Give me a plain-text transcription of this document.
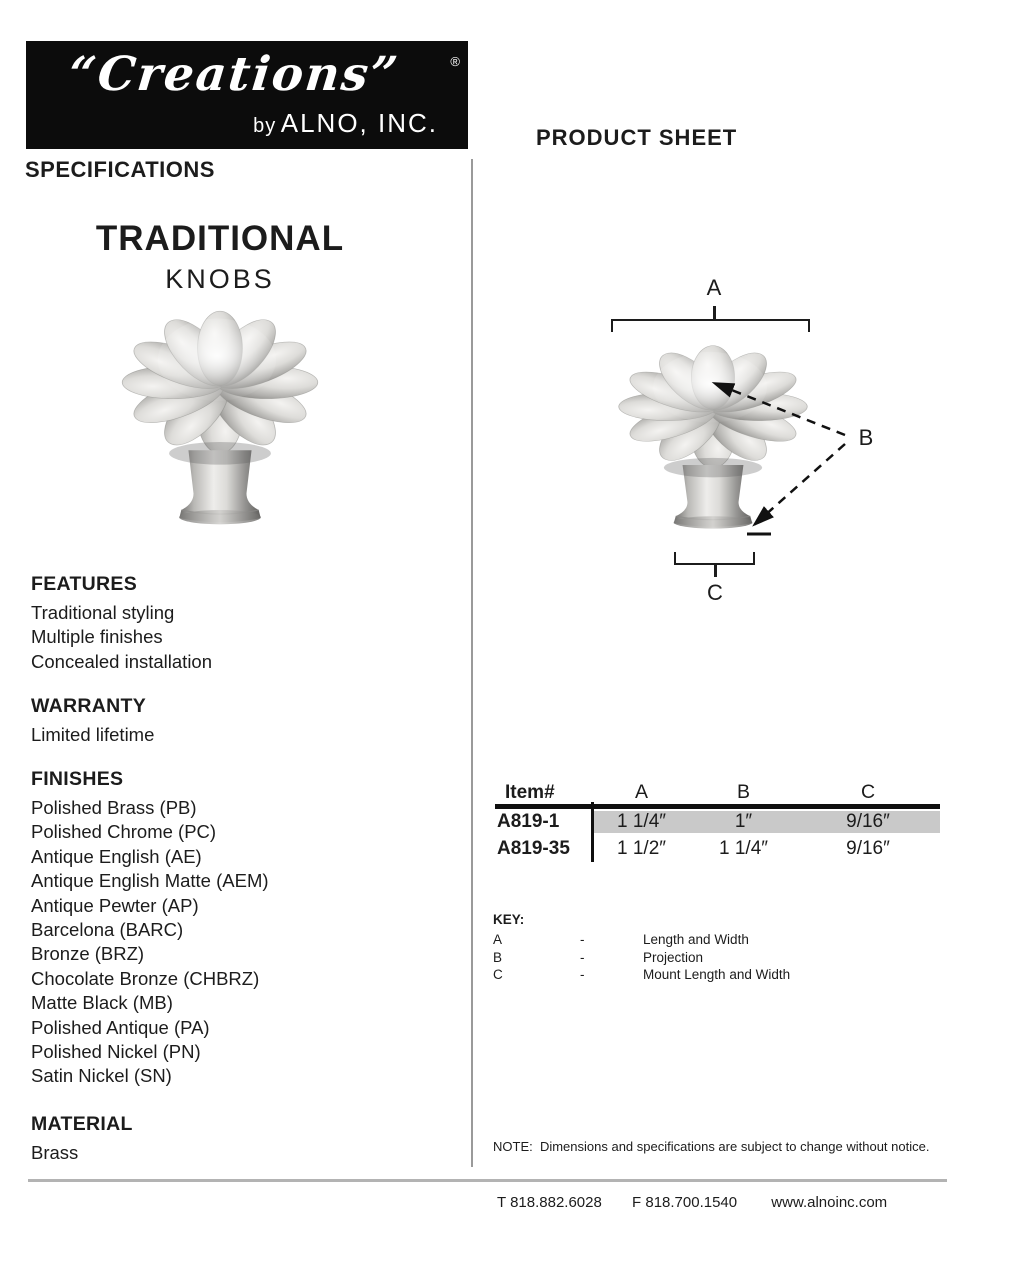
“Creations”	®
by ALNO, INC.
SPECIFICATIONS
PRODUCT SHEET
TRADITIONAL
KNOBS
FEATURES
Traditional styling
Multiple finishes
Concealed installation
WARRANTY
Limited lifetime
FINISHES
Polished Brass (PB)
Polished Chrome (PC)
Antique English (AE)
Antique English Matte (AEM)
Antique Pewter (AP)
Barcelona (BARC)
Bronze (BRZ)
Chocolate Bronze (CHBRZ)
Matte Black (MB)
Polished Antique (PA)
Polished Nickel (PN)
Satin Nickel (SN)
MATERIAL
Brass
A
B
C
Item#	A	B	C
A819-1	1 1/4″	1″	9/16″
A819-35	1 1/2″	1 1/4″	9/16″
KEY:
A	-	Length and Width
B	-	Projection
C	-	Mount Length and Width
NOTE:  Dimensions and specifications are subject to change without notice.
T 818.882.6028 F 818.700.1540 www.alnoinc.com
